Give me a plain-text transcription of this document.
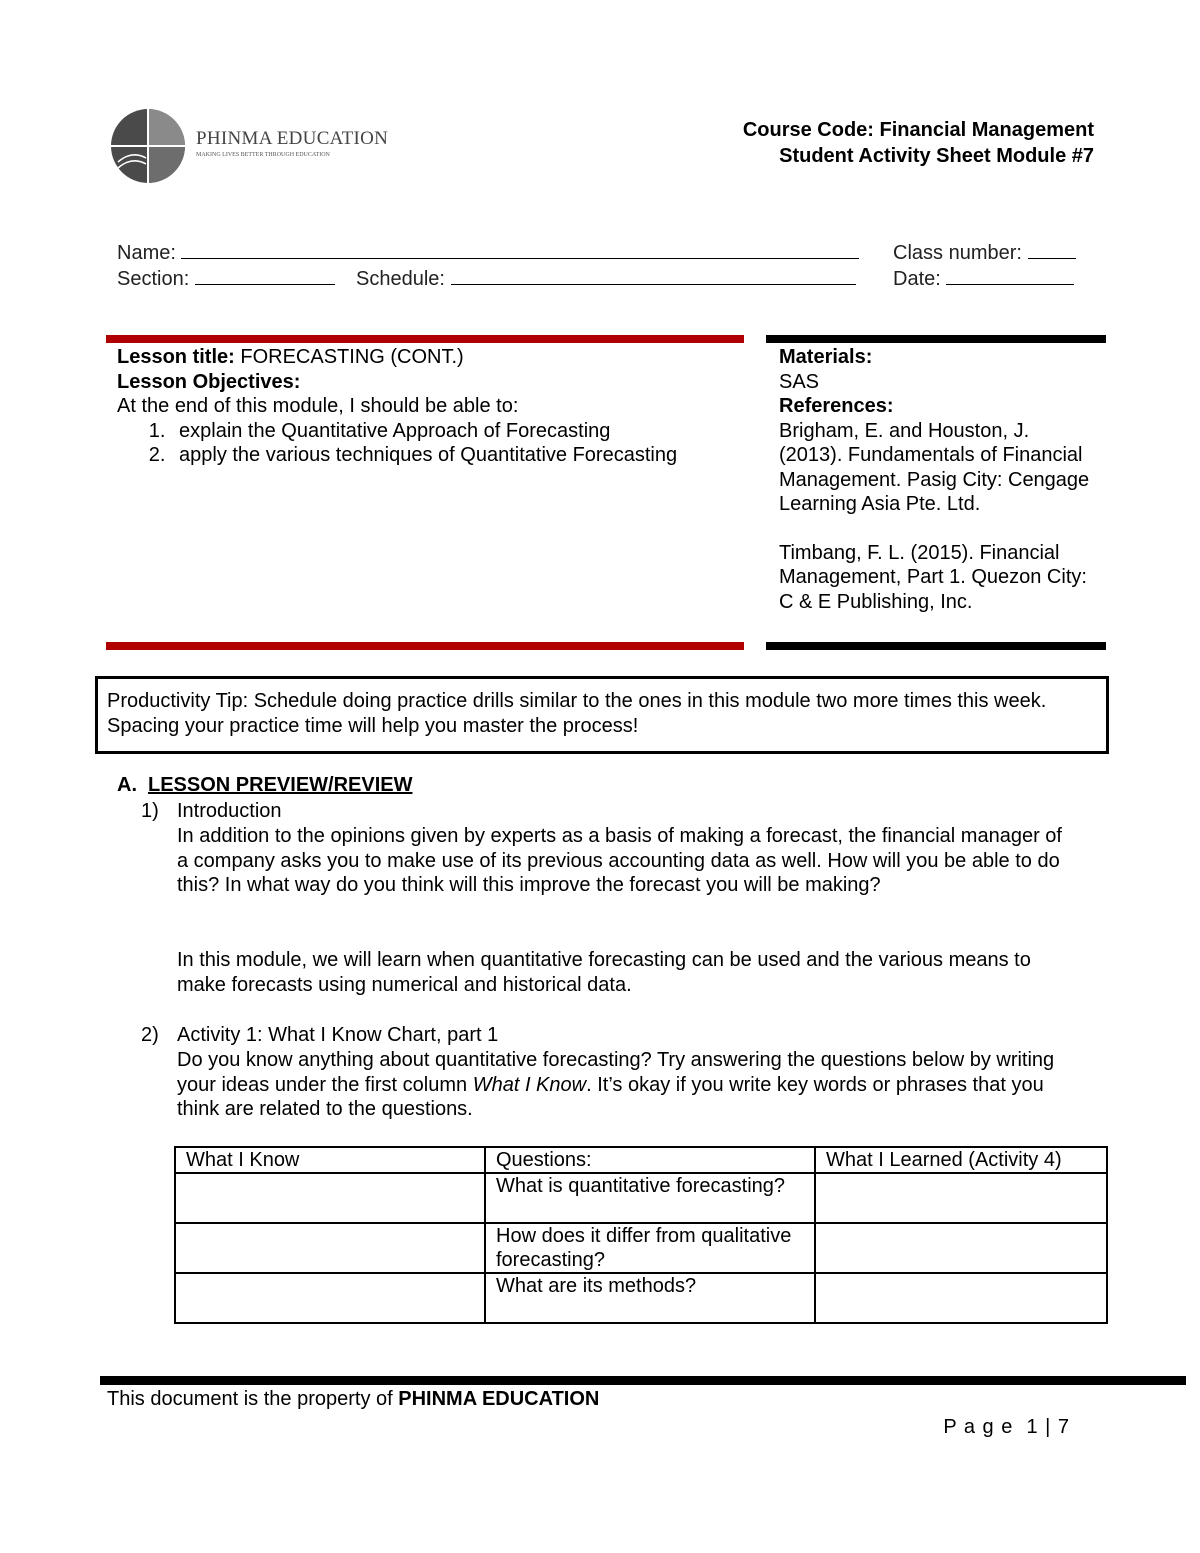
PHINMA EDUCATION
MAKING LIVES BETTER THROUGH EDUCATION
Course Code: Financial Management
Student Activity Sheet Module #7
Name:	Class number:
Section:	Schedule:	Date:
Lesson title: FORECASTING (CONT.)
Lesson Objectives:
At the end of this module, I should be able to:
1. explain the Quantitative Approach of Forecasting
2. apply the various techniques of Quantitative Forecasting
Materials:
SAS
References:
Brigham, E. and Houston, J. (2013). Fundamentals of Financial Management. Pasig City: Cengage Learning Asia Pte. Ltd.
Timbang, F. L. (2015). Financial Management, Part 1. Quezon City: C & E Publishing, Inc.
Productivity Tip: Schedule doing practice drills similar to the ones in this module two more times this week. Spacing your practice time will help you master the process!
A. LESSON PREVIEW/REVIEW
1) Introduction
In addition to the opinions given by experts as a basis of making a forecast, the financial manager of a company asks you to make use of its previous accounting data as well. How will you be able to do this? In what way do you think will this improve the forecast you will be making?
In this module, we will learn when quantitative forecasting can be used and the various means to make forecasts using numerical and historical data.
2) Activity 1: What I Know Chart, part 1
Do you know anything about quantitative forecasting? Try answering the questions below by writing your ideas under the first column What I Know. It’s okay if you write key words or phrases that you think are related to the questions.
What I Know	Questions:	What I Learned (Activity 4)
	What is quantitative forecasting?	
	How does it differ from qualitative forecasting?	
	What are its methods?	
This document is the property of PHINMA EDUCATION
P a g e  1 | 7
